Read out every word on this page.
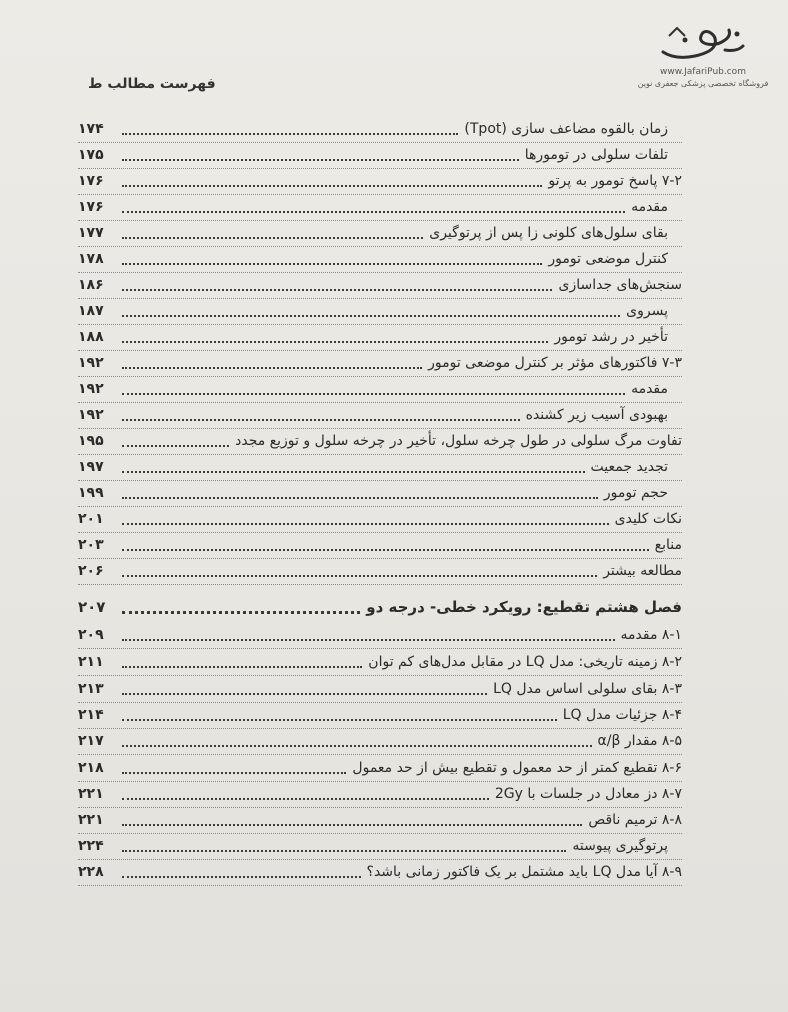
www.JafariPub.com
فروشگاه تخصصی پزشکی جعفری نوین
فهرست مطالب ط
زمان بالقوه مضاعف سازی (Tpot)
۱۷۴
تلفات سلولی در تومورها
۱۷۵
۷-۲ پاسخ تومور به پرتو
۱۷۶
مقدمه
۱۷۶
بقای سلول‌های کلونی زا پس از پرتوگیری
۱۷۷
کنترل موضعی تومور
۱۷۸
سنجش‌های جداسازی
۱۸۶
پسروی
۱۸۷
تأخیر در رشد تومور
۱۸۸
۷-۳ فاکتورهای مؤثر بر کنترل موضعی تومور
۱۹۲
مقدمه
۱۹۲
بهبودی آسیب زیر کشنده
۱۹۲
تفاوت مرگ سلولی در طول چرخه سلول، تأخیر در چرخه سلول و توزیع مجدد
۱۹۵
تجدید جمعیت
۱۹۷
حجم تومور
۱۹۹
نکات کلیدی
۲۰۱
منابع
۲۰۳
مطالعه بیشتر
۲۰۶
فصل هشتم تقطیع: رویکرد خطی- درجه دو
۲۰۷
۸-۱ مقدمه
۲۰۹
۸-۲ زمینه تاریخی: مدل LQ در مقابل مدل‌های کم توان
۲۱۱
۸-۳ بقای سلولی اساس مدل LQ
۲۱۳
۸-۴ جزئیات مدل LQ
۲۱۴
۸-۵ مقدار α/β
۲۱۷
۸-۶ تقطیع کمتر از حد معمول و تقطیع بیش از حد معمول
۲۱۸
۸-۷ دز معادل در جلسات با 2Gy
۲۲۱
۸-۸ ترمیم ناقص
۲۲۱
پرتوگیری پیوسته
۲۲۴
۸-۹ آیا مدل LQ باید مشتمل بر یک فاکتور زمانی باشد؟
۲۲۸
